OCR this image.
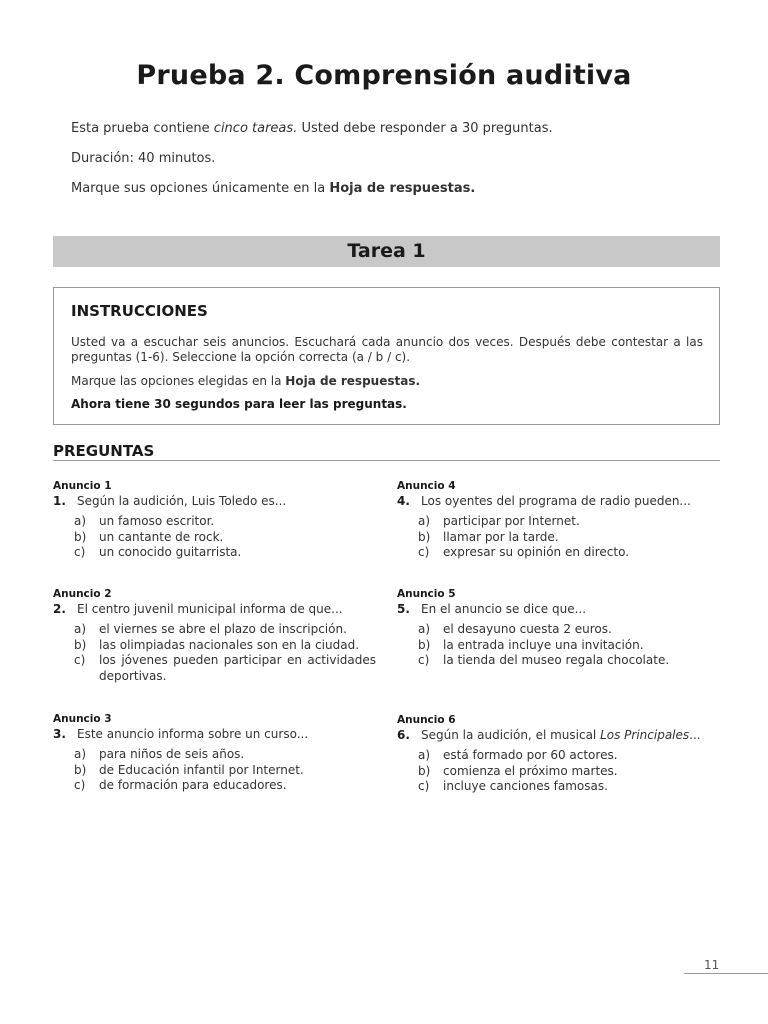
Prueba 2. Comprensión auditiva

Esta prueba contiene cinco tareas. Usted debe responder a 30 preguntas.

Duración: 40 minutos.

Marque sus opciones únicamente en la Hoja de respuestas.

Tarea 1
INSTRUCCIONES
Usted va a escuchar seis anuncios. Escuchará cada anuncio dos veces. Después debe contestar a las preguntas (1-6). Seleccione la opción correcta (a / b / c).
Marque las opciones elegidas en la Hoja de respuestas.
Ahora tiene 30 segundos para leer las preguntas.
PREGUNTAS
Anuncio 1
1. Según la audición, Luis Toledo es...
a)	un famoso escritor.
b)	un cantante de rock.
c)	un conocido guitarrista.
Anuncio 2
2. El centro juvenil municipal informa de que...
a)	el viernes se abre el plazo de inscripción.
b)	las olimpiadas nacionales son en la ciudad.
c)	los jóvenes pueden participar en actividades deportivas.
Anuncio 3
3. Este anuncio informa sobre un curso...
a)	para niños de seis años.
b)	de Educación infantil por Internet.
c)	de formación para educadores.
Anuncio 4
4. Los oyentes del programa de radio pueden...
a)	participar por Internet.
b)	llamar por la tarde.
c)	expresar su opinión en directo.
Anuncio 5
5. En el anuncio se dice que...
a)	el desayuno cuesta 2 euros.
b)	la entrada incluye una invitación.
c)	la tienda del museo regala chocolate.
Anuncio 6
6. Según la audición, el musical Los Principales...
a)	está formado por 60 actores.
b)	comienza el próximo martes.
c)	incluye canciones famosas.
11
